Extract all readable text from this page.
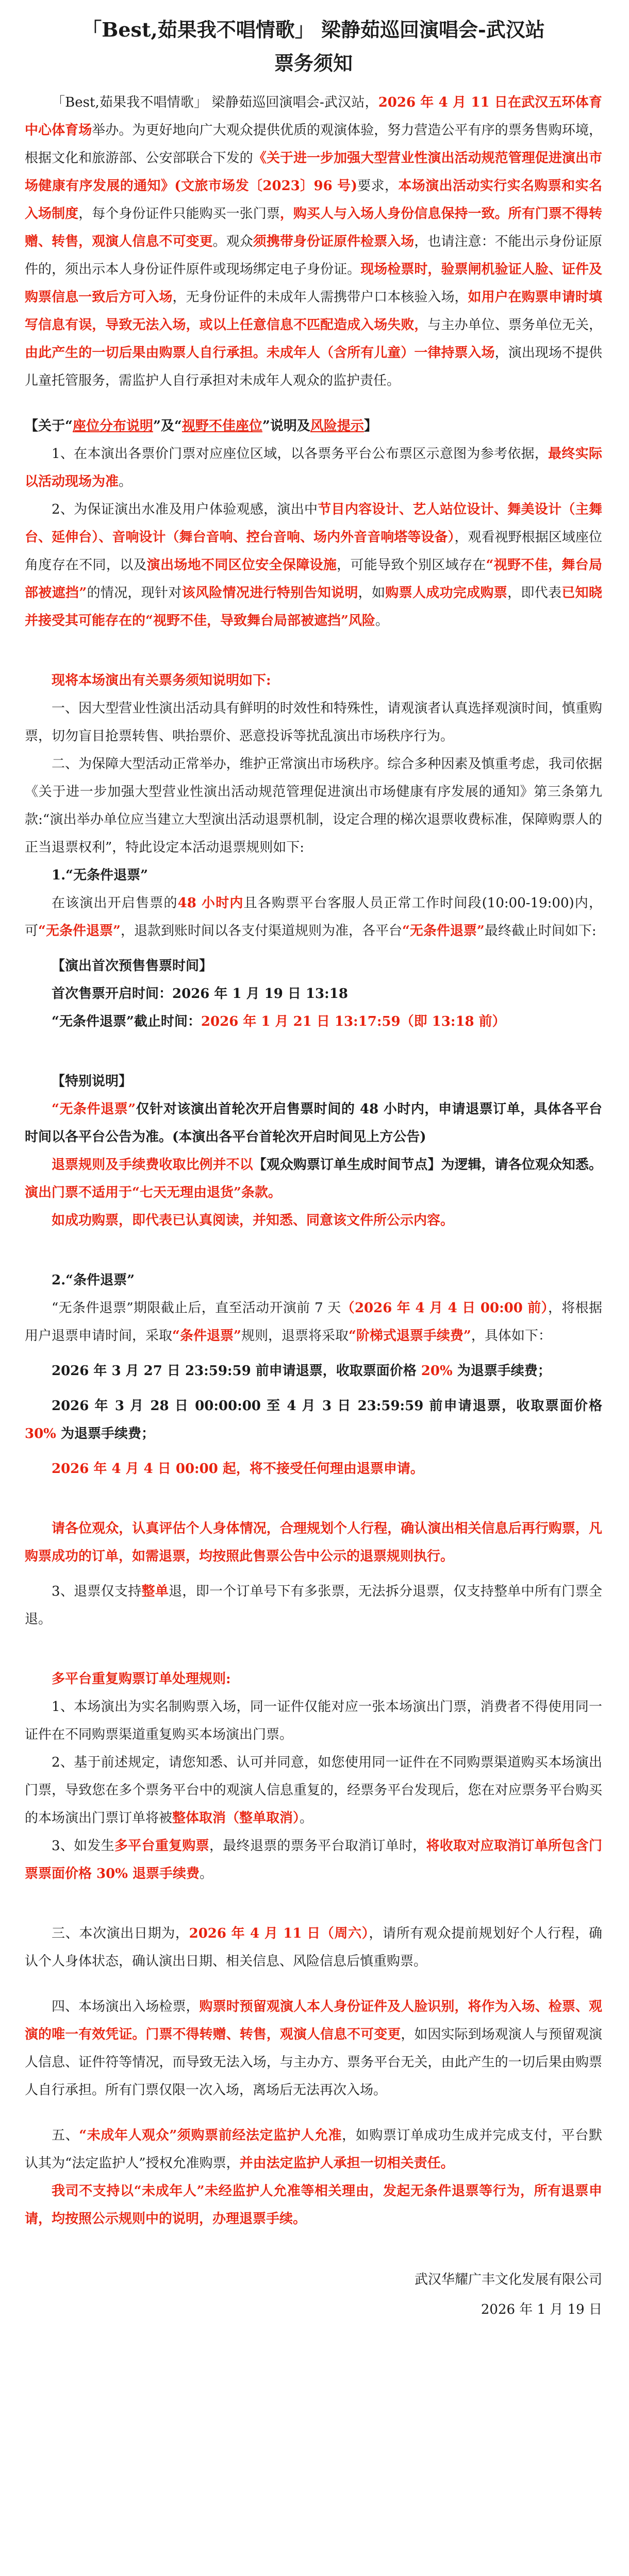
「Best,茹果我不唱情歌」 梁静茹巡回演唱会-武汉站
票务须知

「Best,茹果我不唱情歌」 梁静茹巡回演唱会-武汉站，2026 年 4 月 11 日在武汉五环体育中心体育场举办。为更好地向广大观众提供优质的观演体验，努力营造公平有序的票务售购环境，根据文化和旅游部、公安部联合下发的《关于进一步加强大型营业性演出活动规范管理促进演出市场健康有序发展的通知》(文旅市场发〔2023〕96 号)要求，本场演出活动实行实名购票和实名入场制度，每个身份证件只能购买一张门票，购买人与入场人身份信息保持一致。所有门票不得转赠、转售，观演人信息不可变更。观众须携带身份证原件检票入场，也请注意：不能出示身份证原件的，须出示本人身份证件原件或现场绑定电子身份证。现场检票时，验票闸机验证人脸、证件及购票信息一致后方可入场，无身份证件的未成年人需携带户口本核验入场，如用户在购票申请时填写信息有误，导致无法入场，或以上任意信息不匹配造成入场失败，与主办单位、票务单位无关，由此产生的一切后果由购票人自行承担。未成年人（含所有儿童）一律持票入场，演出现场不提供儿童托管服务，需监护人自行承担对未成年人观众的监护责任。

【关于“座位分布说明”及“视野不佳座位”说明及风险提示】

1、在本演出各票价门票对应座位区域，以各票务平台公布票区示意图为参考依据，最终实际以活动现场为准。

2、为保证演出水准及用户体验观感，演出中节目内容设计、艺人站位设计、舞美设计（主舞台、延伸台）、音响设计（舞台音响、控台音响、场内外音音响塔等设备），观看视野根据区域座位角度存在不同，以及演出场地不同区位安全保障设施，可能导致个别区域存在“视野不佳，舞台局部被遮挡”的情况，现针对该风险情况进行特别告知说明，如购票人成功完成购票，即代表已知晓并接受其可能存在的“视野不佳，导致舞台局部被遮挡”风险。

现将本场演出有关票务须知说明如下:

一、因大型营业性演出活动具有鲜明的时效性和特殊性，请观演者认真选择观演时间，慎重购票，切勿盲目抢票转售、哄抬票价、恶意投诉等扰乱演出市场秩序行为。

二、为保障大型活动正常举办，维护正常演出市场秩序。综合多种因素及慎重考虑，我司依据《关于进一步加强大型营业性演出活动规范管理促进演出市场健康有序发展的通知》第三条第九款:“演出举办单位应当建立大型演出活动退票机制，设定合理的梯次退票收费标准，保障购票人的正当退票权利”，特此设定本活动退票规则如下:

1.“无条件退票”

在该演出开启售票的48 小时内且各购票平台客服人员正常工作时间段(10:00-19:00)内，可“无条件退票”，退款到账时间以各支付渠道规则为准，各平台“无条件退票”最终截止时间如下:

【演出首次预售售票时间】

首次售票开启时间：2026 年 1 月 19 日 13:18

“无条件退票”截止时间：2026 年 1 月 21 日 13:17:59（即 13:18 前）

【特别说明】

“无条件退票”仅针对该演出首轮次开启售票时间的 48 小时内，申请退票订单，具体各平台时间以各平台公告为准。(本演出各平台首轮次开启时间见上方公告)

退票规则及手续费收取比例并不以【观众购票订单生成时间节点】为逻辑，请各位观众知悉。演出门票不适用于“七天无理由退货”条款。

如成功购票，即代表已认真阅读，并知悉、同意该文件所公示内容。

2.“条件退票”

“无条件退票”期限截止后，直至活动开演前 7 天（2026 年 4 月 4 日 00:00 前），将根据用户退票申请时间，采取“条件退票”规则，退票将采取“阶梯式退票手续费”，具体如下：

2026 年 3 月 27 日 23:59:59 前申请退票，收取票面价格 20% 为退票手续费；

2026 年 3 月 28 日 00:00:00 至 4 月 3 日 23:59:59 前申请退票，收取票面价格 30% 为退票手续费；

2026 年 4 月 4 日 00:00 起，将不接受任何理由退票申请。

请各位观众，认真评估个人身体情况，合理规划个人行程，确认演出相关信息后再行购票，凡购票成功的订单，如需退票，均按照此售票公告中公示的退票规则执行。

3、退票仅支持整单退，即一个订单号下有多张票，无法拆分退票，仅支持整单中所有门票全退。

多平台重复购票订单处理规则:

1、本场演出为实名制购票入场，同一证件仅能对应一张本场演出门票，消费者不得使用同一证件在不同购票渠道重复购买本场演出门票。

2、基于前述规定，请您知悉、认可并同意，如您使用同一证件在不同购票渠道购买本场演出门票，导致您在多个票务平台中的观演人信息重复的，经票务平台发现后，您在对应票务平台购买的本场演出门票订单将被整体取消（整单取消）。

3、如发生多平台重复购票，最终退票的票务平台取消订单时，将收取对应取消订单所包含门票票面价格 30% 退票手续费。

三、本次演出日期为，2026 年 4 月 11 日（周六），请所有观众提前规划好个人行程，确认个人身体状态，确认演出日期、相关信息、风险信息后慎重购票。

四、本场演出入场检票，购票时预留观演人本人身份证件及人脸识别，将作为入场、检票、观演的唯一有效凭证。门票不得转赠、转售，观演人信息不可变更，如因实际到场观演人与预留观演人信息、证件符等情况，而导致无法入场，与主办方、票务平台无关，由此产生的一切后果由购票人自行承担。所有门票仅限一次入场，离场后无法再次入场。

五、“未成年人观众”须购票前经法定监护人允准，如购票订单成功生成并完成支付，平台默认其为“法定监护人”授权允准购票，并由法定监护人承担一切相关责任。

我司不支持以“未成年人”未经监护人允准等相关理由，发起无条件退票等行为，所有退票申请，均按照公示规则中的说明，办理退票手续。

武汉华耀广丰文化发展有限公司
2026 年 1 月 19 日
